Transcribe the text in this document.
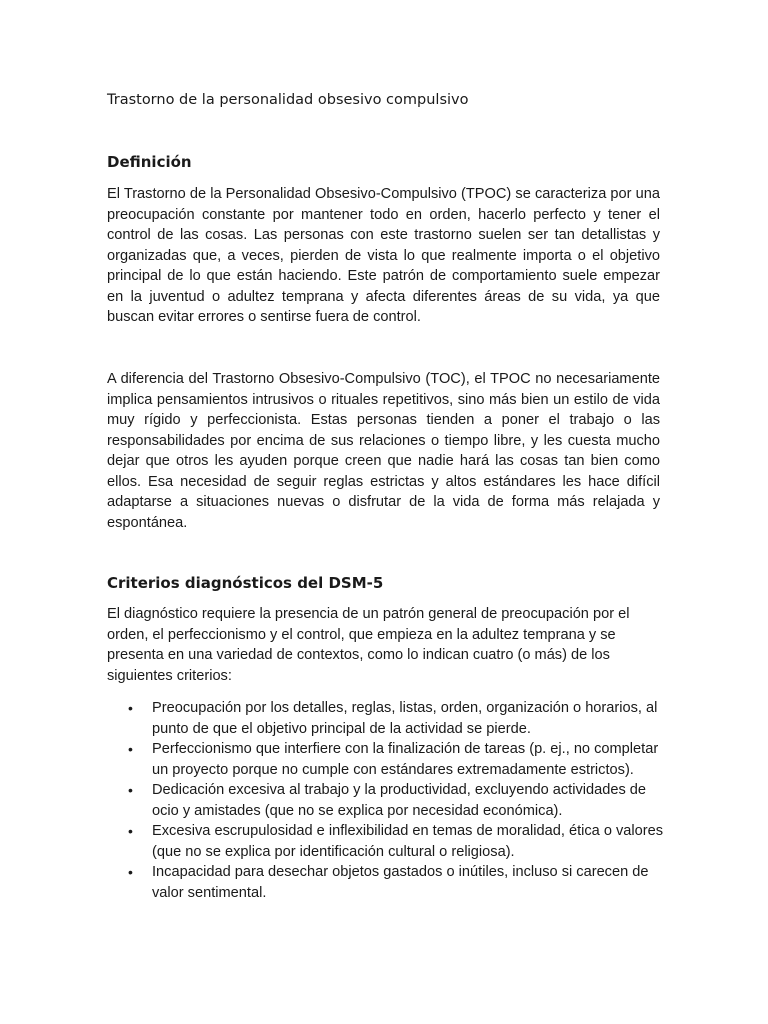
Trastorno de la personalidad obsesivo compulsivo

Definición

El Trastorno de la Personalidad Obsesivo-Compulsivo (TPOC) se caracteriza por una preocupación constante por mantener todo en orden, hacerlo perfecto y tener el control de las cosas. Las personas con este trastorno suelen ser tan detallistas y organizadas que, a veces, pierden de vista lo que realmente importa o el objetivo principal de lo que están haciendo. Este patrón de comportamiento suele empezar en la juventud o adultez temprana y afecta diferentes áreas de su vida, ya que buscan evitar errores o sentirse fuera de control.

A diferencia del Trastorno Obsesivo-Compulsivo (TOC), el TPOC no necesariamente implica pensamientos intrusivos o rituales repetitivos, sino más bien un estilo de vida muy rígido y perfeccionista. Estas personas tienden a poner el trabajo o las responsabilidades por encima de sus relaciones o tiempo libre, y les cuesta mucho dejar que otros les ayuden porque creen que nadie hará las cosas tan bien como ellos. Esa necesidad de seguir reglas estrictas y altos estándares les hace difícil adaptarse a situaciones nuevas o disfrutar de la vida de forma más relajada y espontánea.

Criterios diagnósticos del DSM-5

El diagnóstico requiere la presencia de un patrón general de preocupación por el orden, el perfeccionismo y el control, que empieza en la adultez temprana y se presenta en una variedad de contextos, como lo indican cuatro (o más) de los siguientes criterios:

• Preocupación por los detalles, reglas, listas, orden, organización o horarios, al punto de que el objetivo principal de la actividad se pierde.
• Perfeccionismo que interfiere con la finalización de tareas (p. ej., no completar un proyecto porque no cumple con estándares extremadamente estrictos).
• Dedicación excesiva al trabajo y la productividad, excluyendo actividades de ocio y amistades (que no se explica por necesidad económica).
• Excesiva escrupulosidad e inflexibilidad en temas de moralidad, ética o valores (que no se explica por identificación cultural o religiosa).
• Incapacidad para desechar objetos gastados o inútiles, incluso si carecen de valor sentimental.
